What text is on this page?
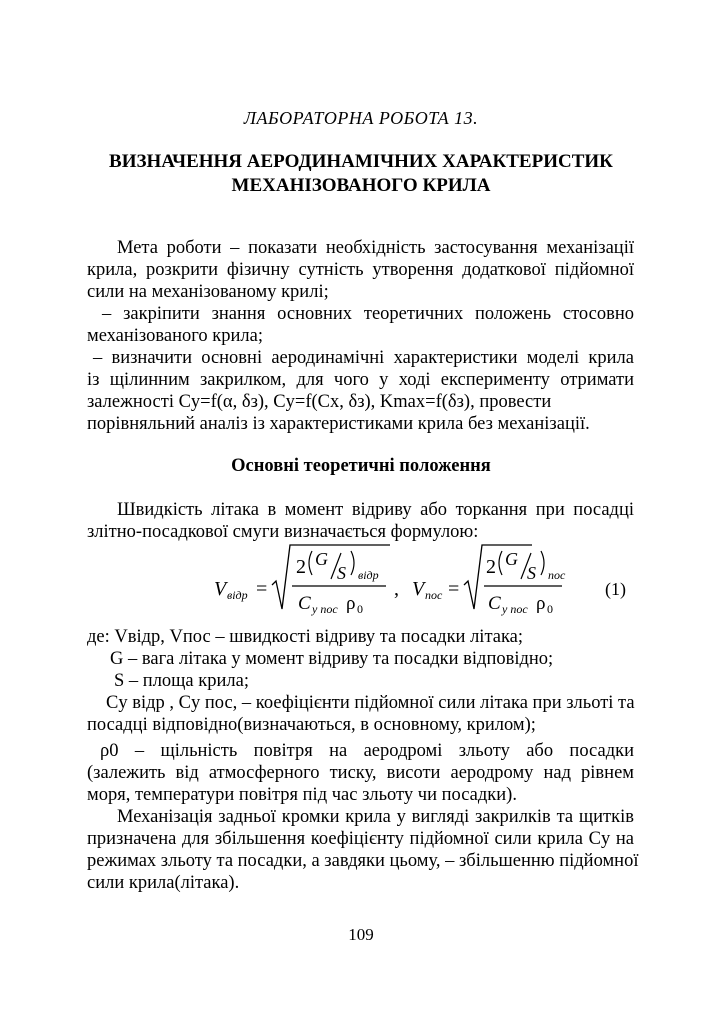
ЛАБОРАТОРНА РОБОТА 13.
ВИЗНАЧЕННЯ АЕРОДИНАМІЧНИХ ХАРАКТЕРИСТИК
МЕХАНІЗОВАНОГО КРИЛА
Мета роботи – показати необхідність застосування механізації
крила, розкрити фізичну сутність утворення додаткової підйомної
сили на механізованому крилі;
– закріпити знання основних теоретичних положень стосовно
механізованого крила;
– визначити основні аеродинамічні характеристики моделі крила
із щілинним закрилком, для чого у ході експерименту отримати
залежності Cy=f(α, δз), Cy=f(Cx, δз), Kmax=f(δз), провести
порівняльний аналіз із характеристиками крила без механізації.
Основні теоретичні положення
Швидкість літака в момент відриву або торкання при посадці
злітно-посадкової смуги визначається формулою:
V відр =
2 G
S відр
C у пос ρ 0
, V пос =
2 G
S пос
C у пос ρ 0
(1)
де: Vвідр, Vпос – швидкості відриву та посадки літака;
G – вага літака у момент відриву та посадки відповідно;
S – площа крила;
Cу відр , Cу пос, – коефіцієнти підйомної сили літака при зльоті та
посадці відповідно(визначаються, в основному, крилом);
ρ0 – щільність повітря на аеродромі зльоту або посадки
(залежить від атмосферного тиску, висоти аеродрому над рівнем
моря, температури повітря під час зльоту чи посадки).
Механізація задньої кромки крила у вигляді закрилків та щитків
призначена для збільшення коефіцієнту підйомної сили крила Cy на
режимах зльоту та посадки, а завдяки цьому, – збільшенню підйомної
сили крила(літака).
109
